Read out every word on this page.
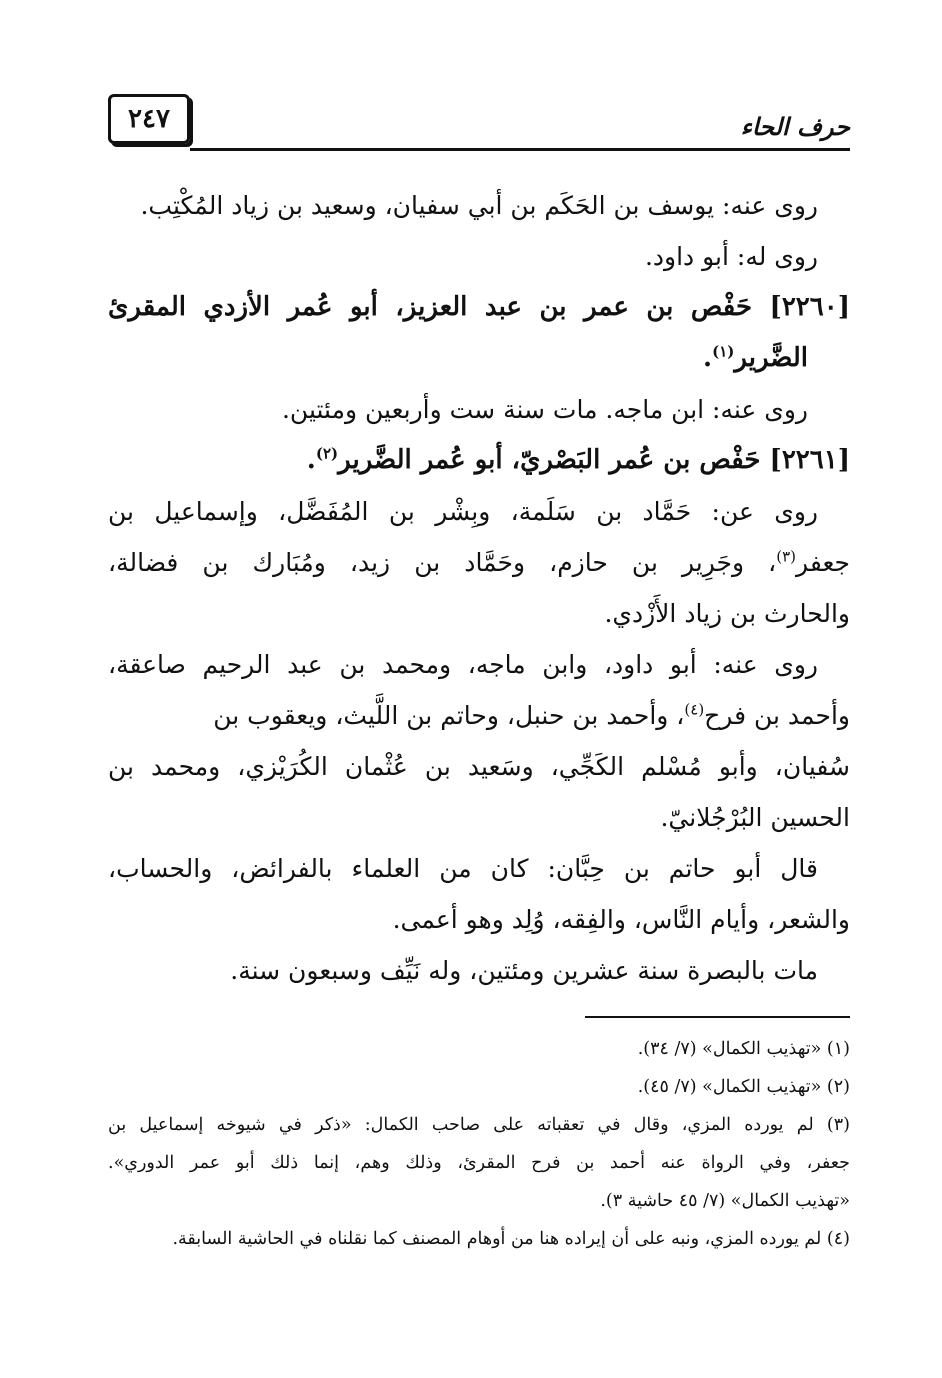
٢٤٧	حرف الحاء
روى عنه: يوسف بن الحَكَم بن أبي سفيان، وسعيد بن زياد المُكْتِب.
روى له: أبو داود.
[٢٢٦٠] حَفْص بن عمر بن عبد العزيز، أبو عُمر الأزدي المقرئ
الضَّرير$^{(١)}$.
روى عنه: ابن ماجه. مات سنة ست وأربعين ومئتين.
[٢٢٦١] حَفْص بن عُمر البَصْريّ، أبو عُمر الضَّرير$^{(٢)}$.
روى عن: حَمَّاد بن سَلَمة، وبِشْر بن المُفَضَّل، وإسماعيل بن
جعفر$^{(٣)}$، وجَرِير بن حازم، وحَمَّاد بن زيد، ومُبَارك بن فضالة،
والحارث بن زياد الأَزْدي.
روى عنه: أبو داود، وابن ماجه، ومحمد بن عبد الرحيم صاعقة،
وأحمد بن فرح$^{(٤)}$، وأحمد بن حنبل، وحاتم بن اللَّيث، ويعقوب بن
سُفيان، وأبو مُسْلم الكَجِّي، وسَعيد بن عُثْمان الكُرَيْزي، ومحمد بن
الحسين البُرْجُلانيّ.
قال أبو حاتم بن حِبَّان: كان من العلماء بالفرائض، والحساب،
والشعر، وأيام النَّاس، والفِقه، وُلِد وهو أعمى.
مات بالبصرة سنة عشرين ومئتين، وله نَيِّف وسبعون سنة.
(١) «تهذيب الكمال» (٧/ ٣٤).
(٢) «تهذيب الكمال» (٧/ ٤٥).
(٣) لم يورده المزي، وقال في تعقباته على صاحب الكمال: «ذكر في شيوخه إسماعيل بن
جعفر، وفي الرواة عنه أحمد بن فرح المقرئ، وذلك وهم، إنما ذلك أبو عمر الدوري».
«تهذيب الكمال» (٧/ ٤٥ حاشية ٣).
(٤) لم يورده المزي، ونبه على أن إيراده هنا من أوهام المصنف كما نقلناه في الحاشية السابقة.
